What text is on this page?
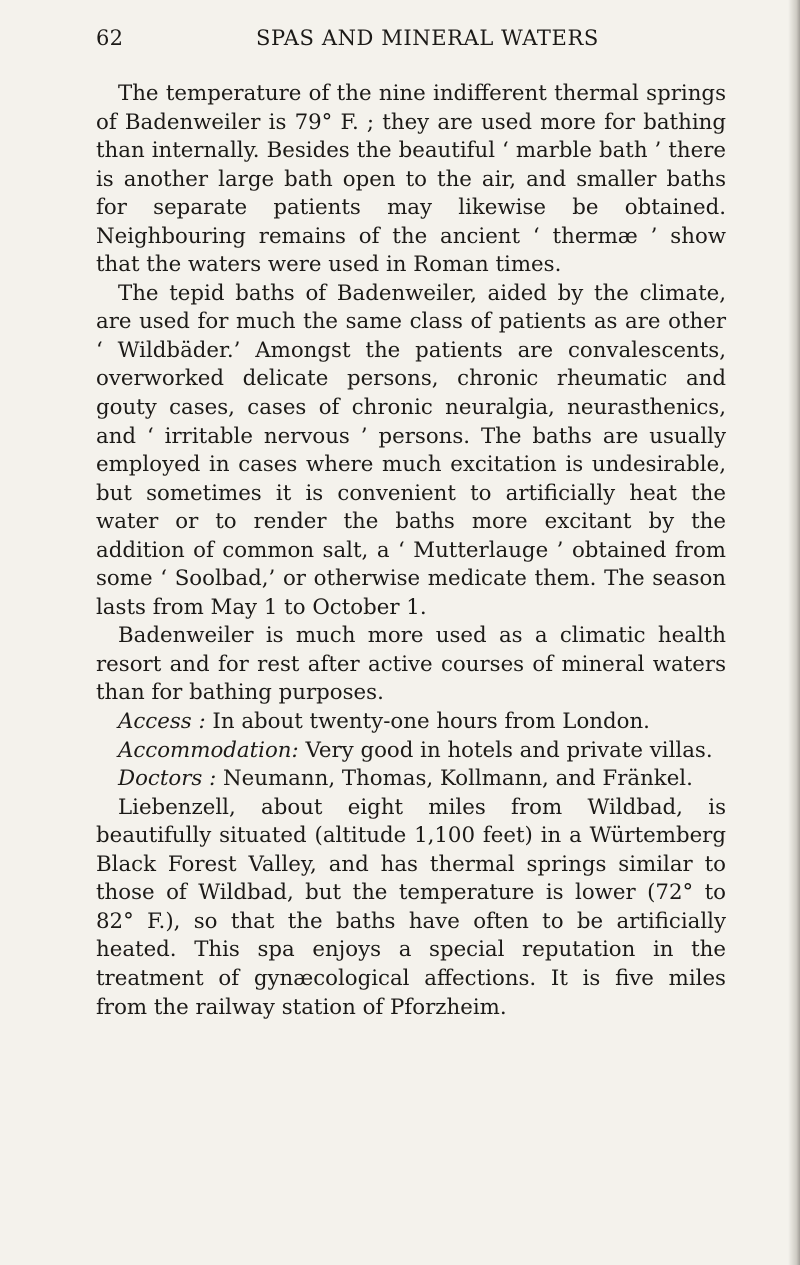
62	SPAS AND MINERAL WATERS

The temperature of the nine indifferent thermal springs of Badenweiler is 79° F. ; they are used more for bathing than internally. Besides the beautiful ‘ marble bath ’ there is another large bath open to the air, and smaller baths for separate patients may likewise be obtained. Neighbouring remains of the ancient ‘ thermæ ’ show that the waters were used in Roman times.

The tepid baths of Badenweiler, aided by the climate, are used for much the same class of patients as are other ‘ Wildbäder.’ Amongst the patients are convalescents, overworked delicate persons, chronic rheumatic and gouty cases, cases of chronic neuralgia, neurasthenics, and ‘ irritable nervous ’ persons. The baths are usually employed in cases where much excitation is undesirable, but sometimes it is convenient to artificially heat the water or to render the baths more excitant by the addition of common salt, a ‘ Mutterlauge ’ obtained from some ‘ Soolbad,’ or otherwise medicate them. The season lasts from May 1 to October 1.

Badenweiler is much more used as a climatic health resort and for rest after active courses of mineral waters than for bathing purposes.

Access : In about twenty-one hours from London.

Accommodation: Very good in hotels and private villas.

Doctors : Neumann, Thomas, Kollmann, and Fränkel.

Liebenzell, about eight miles from Wildbad, is beautifully situated (altitude 1,100 feet) in a Würtemberg Black Forest Valley, and has thermal springs similar to those of Wildbad, but the temperature is lower (72° to 82° F.), so that the baths have often to be artificially heated. This spa enjoys a special reputation in the treatment of gynæcological affections. It is five miles from the railway station of Pforzheim.
